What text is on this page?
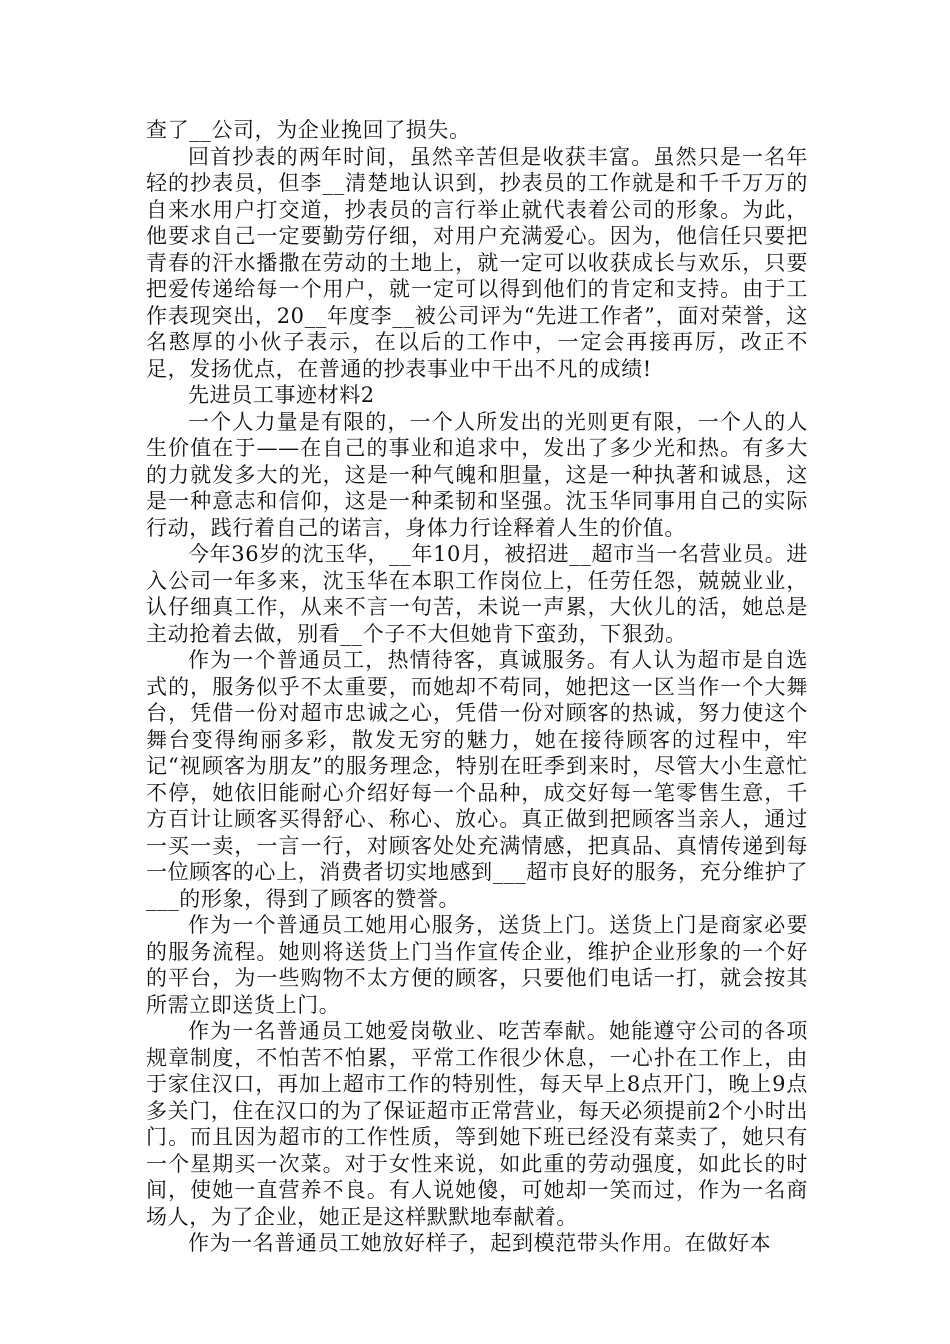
查了__公司，为企业挽回了损失。

回首抄表的两年时间，虽然辛苦但是收获丰富。虽然只是一名年轻的抄表员，但李__清楚地认识到，抄表员的工作就是和千千万万的自来水用户打交道，抄表员的言行举止就代表着公司的形象。为此，他要求自己一定要勤劳仔细，对用户充满爱心。因为，他信任只要把青春的汗水播撒在劳动的土地上，就一定可以收获成长与欢乐，只要把爱传递给每一个用户，就一定可以得到他们的肯定和支持。由于工作表现突出，20__年度李__被公司评为“先进工作者”，面对荣誉，这名憨厚的小伙子表示，在以后的工作中，一定会再接再厉，改正不足，发扬优点，在普通的抄表事业中干出不凡的成绩!

先进员工事迹材料2

一个人力量是有限的，一个人所发出的光则更有限，一个人的人生价值在于——在自己的事业和追求中，发出了多少光和热。有多大的力就发多大的光，这是一种气魄和胆量，这是一种执著和诚恳，这是一种意志和信仰，这是一种柔韧和坚强。沈玉华同事用自己的实际行动，践行着自己的诺言，身体力行诠释着人生的价值。

今年36岁的沈玉华，__年10月，被招进__超市当一名营业员。进入公司一年多来，沈玉华在本职工作岗位上，任劳任怨，兢兢业业，认仔细真工作，从来不言一句苦，未说一声累，大伙儿的活，她总是主动抢着去做，别看__个子不大但她肯下蛮劲，下狠劲。

作为一个普通员工，热情待客，真诚服务。有人认为超市是自选式的，服务似乎不太重要，而她却不苟同，她把这一区当作一个大舞台，凭借一份对超市忠诚之心，凭借一份对顾客的热诚，努力使这个舞台变得绚丽多彩，散发无穷的魅力，她在接待顾客的过程中，牢记“视顾客为朋友”的服务理念，特别在旺季到来时，尽管大小生意忙不停，她依旧能耐心介绍好每一个品种，成交好每一笔零售生意，千方百计让顾客买得舒心、称心、放心。真正做到把顾客当亲人，通过一买一卖，一言一行，对顾客处处充满情感，把真品、真情传递到每一位顾客的心上，消费者切实地感到___超市良好的服务，充分维护了___的形象，得到了顾客的赞誉。

作为一个普通员工她用心服务，送货上门。送货上门是商家必要的服务流程。她则将送货上门当作宣传企业，维护企业形象的一个好的平台，为一些购物不太方便的顾客，只要他们电话一打，就会按其所需立即送货上门。

作为一名普通员工她爱岗敬业、吃苦奉献。她能遵守公司的各项规章制度，不怕苦不怕累，平常工作很少休息，一心扑在工作上，由于家住汉口，再加上超市工作的特别性，每天早上8点开门，晚上9点多关门，住在汉口的为了保证超市正常营业，每天必须提前2个小时出门。而且因为超市的工作性质，等到她下班已经没有菜卖了，她只有一个星期买一次菜。对于女性来说，如此重的劳动强度，如此长的时间，使她一直营养不良。有人说她傻，可她却一笑而过，作为一名商场人，为了企业，她正是这样默默地奉献着。

作为一名普通员工她放好样子，起到模范带头作用。在做好本
